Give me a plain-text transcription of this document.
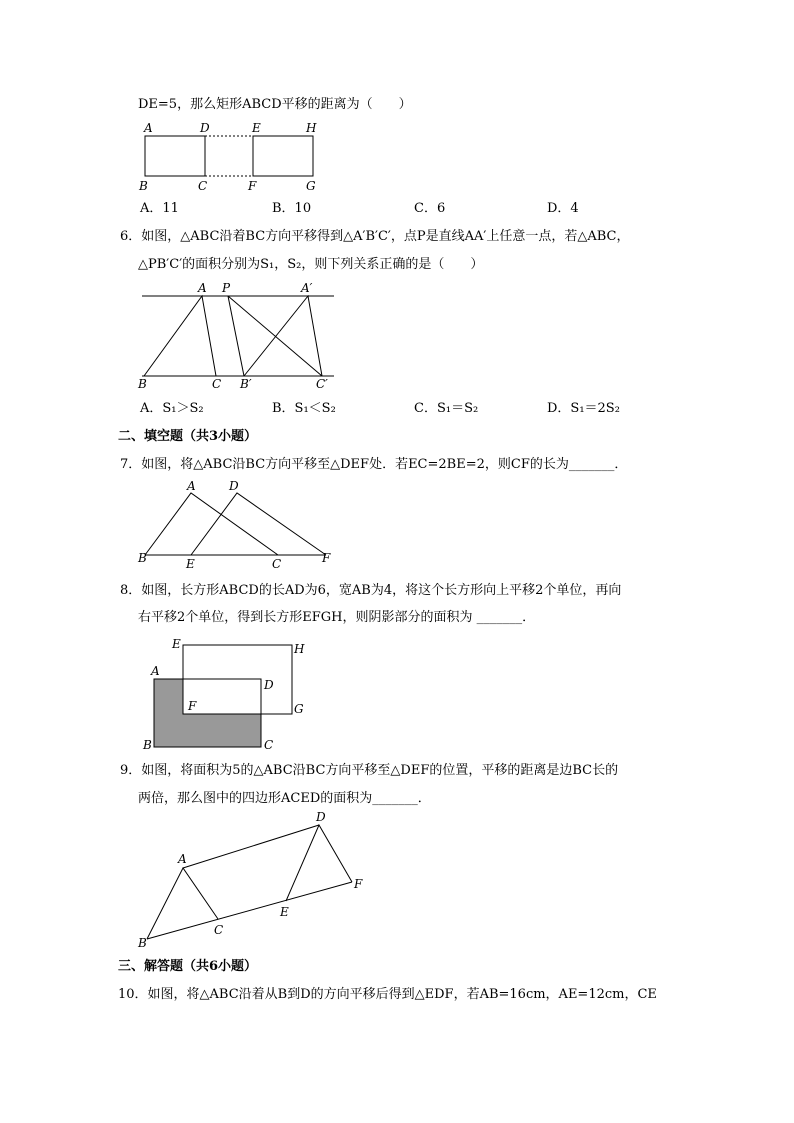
DE=5，那么矩形ABCD平移的距离为（　　）
A	D	E	H
B	C	F	G
A．11	B．10	C．6	D．4
6．如图，△ABC沿着BC方向平移得到△A′B′C′，点P是直线AA′上任意一点，若△ABC，
△PB′C′的面积分别为S₁，S₂，则下列关系正确的是（　　）
A P	A′
B	C B′	C′
A．S₁＞S₂	B．S₁＜S₂	C．S₁＝S₂	D．S₁＝2S₂
二、填空题（共3小题）
7．如图，将△ABC沿BC方向平移至△DEF处．若EC=2BE=2，则CF的长为_______．
A	D
B	E	C	F
8．如图，长方形ABCD的长AD为6，宽AB为4，将这个长方形向上平移2个单位，再向
右平移2个单位，得到长方形EFGH，则阴影部分的面积为 _______．
E	H
A
D
F	G
B	C
9．如图，将面积为5的△ABC沿BC方向平移至△DEF的位置，平移的距离是边BC长的
两倍，那么图中的四边形ACED的面积为_______．
A
D
F
E
C
B
三、解答题（共6小题）
10．如图，将△ABC沿着从B到D的方向平移后得到△EDF，若AB=16cm，AE=12cm，CE
